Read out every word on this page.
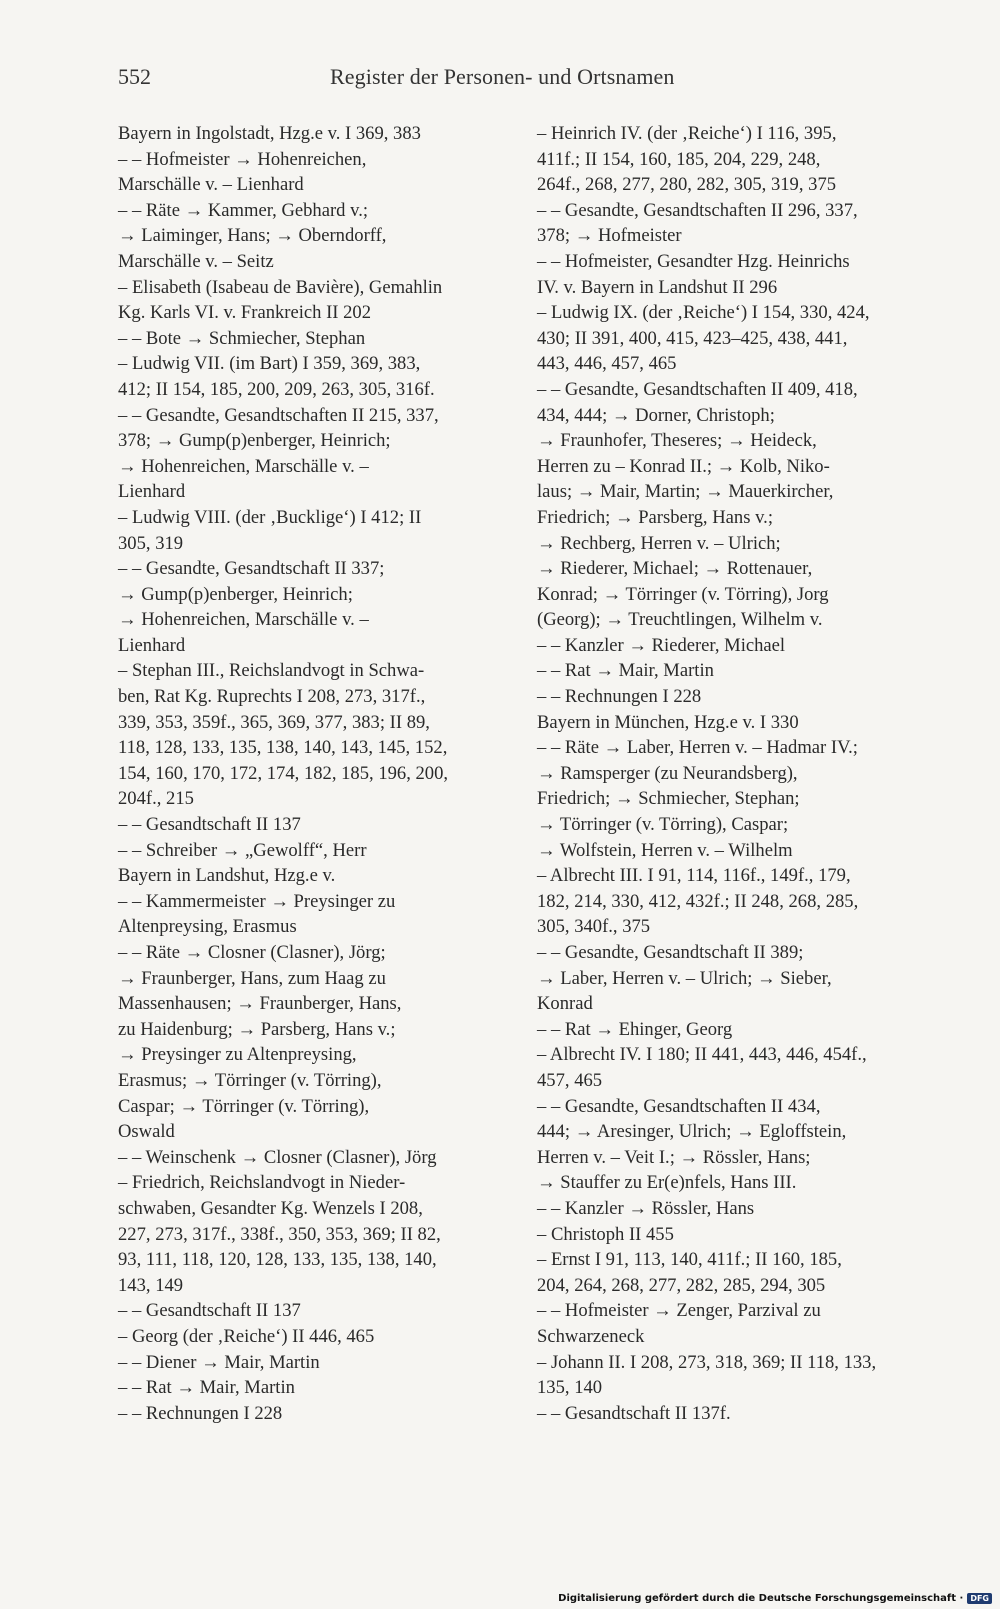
552	Register der Personen- und Ortsnamen
Bayern in Ingolstadt, Hzg.e v. I 369, 383
– – Hofmeister → Hohenreichen,
Marschälle v. – Lienhard
– – Räte → Kammer, Gebhard v.;
→ Laiminger, Hans; → Oberndorff,
Marschälle v. – Seitz
– Elisabeth (Isabeau de Bavière), Gemahlin
Kg. Karls VI. v. Frankreich II 202
– – Bote → Schmiecher, Stephan
– Ludwig VII. (im Bart) I 359, 369, 383,
412; II 154, 185, 200, 209, 263, 305, 316f.
– – Gesandte, Gesandtschaften II 215, 337,
378; → Gump(p)enberger, Heinrich;
→ Hohenreichen, Marschälle v. –
Lienhard
– Ludwig VIII. (der ‚Bucklige‘) I 412; II
305, 319
– – Gesandte, Gesandtschaft II 337;
→ Gump(p)enberger, Heinrich;
→ Hohenreichen, Marschälle v. –
Lienhard
– Stephan III., Reichslandvogt in Schwa-
ben, Rat Kg. Ruprechts I 208, 273, 317f.,
339, 353, 359f., 365, 369, 377, 383; II 89,
118, 128, 133, 135, 138, 140, 143, 145, 152,
154, 160, 170, 172, 174, 182, 185, 196, 200,
204f., 215
– – Gesandtschaft II 137
– – Schreiber → „Gewolff“, Herr
Bayern in Landshut, Hzg.e v.
– – Kammermeister → Preysinger zu
Altenpreysing, Erasmus
– – Räte → Closner (Clasner), Jörg;
→ Fraunberger, Hans, zum Haag zu
Massenhausen; → Fraunberger, Hans,
zu Haidenburg; → Parsberg, Hans v.;
→ Preysinger zu Altenpreysing,
Erasmus; → Törringer (v. Törring),
Caspar; → Törringer (v. Törring),
Oswald
– – Weinschenk → Closner (Clasner), Jörg
– Friedrich, Reichslandvogt in Nieder-
schwaben, Gesandter Kg. Wenzels I 208,
227, 273, 317f., 338f., 350, 353, 369; II 82,
93, 111, 118, 120, 128, 133, 135, 138, 140,
143, 149
– – Gesandtschaft II 137
– Georg (der ‚Reiche‘) II 446, 465
– – Diener → Mair, Martin
– – Rat → Mair, Martin
– – Rechnungen I 228
– Heinrich IV. (der ‚Reiche‘) I 116, 395,
411f.; II 154, 160, 185, 204, 229, 248,
264f., 268, 277, 280, 282, 305, 319, 375
– – Gesandte, Gesandtschaften II 296, 337,
378; → Hofmeister
– – Hofmeister, Gesandter Hzg. Heinrichs
IV. v. Bayern in Landshut II 296
– Ludwig IX. (der ‚Reiche‘) I 154, 330, 424,
430; II 391, 400, 415, 423–425, 438, 441,
443, 446, 457, 465
– – Gesandte, Gesandtschaften II 409, 418,
434, 444; → Dorner, Christoph;
→ Fraunhofer, Theseres; → Heideck,
Herren zu – Konrad II.; → Kolb, Niko-
laus; → Mair, Martin; → Mauerkircher,
Friedrich; → Parsberg, Hans v.;
→ Rechberg, Herren v. – Ulrich;
→ Riederer, Michael; → Rottenauer,
Konrad; → Törringer (v. Törring), Jorg
(Georg); → Treuchtlingen, Wilhelm v.
– – Kanzler → Riederer, Michael
– – Rat → Mair, Martin
– – Rechnungen I 228
Bayern in München, Hzg.e v. I 330
– – Räte → Laber, Herren v. – Hadmar IV.;
→ Ramsperger (zu Neurandsberg),
Friedrich; → Schmiecher, Stephan;
→ Törringer (v. Törring), Caspar;
→ Wolfstein, Herren v. – Wilhelm
– Albrecht III. I 91, 114, 116f., 149f., 179,
182, 214, 330, 412, 432f.; II 248, 268, 285,
305, 340f., 375
– – Gesandte, Gesandtschaft II 389;
→ Laber, Herren v. – Ulrich; → Sieber,
Konrad
– – Rat → Ehinger, Georg
– Albrecht IV. I 180; II 441, 443, 446, 454f.,
457, 465
– – Gesandte, Gesandtschaften II 434,
444; → Aresinger, Ulrich; → Egloffstein,
Herren v. – Veit I.; → Rössler, Hans;
→ Stauffer zu Er(e)nfels, Hans III.
– – Kanzler → Rössler, Hans
– Christoph II 455
– Ernst I 91, 113, 140, 411f.; II 160, 185,
204, 264, 268, 277, 282, 285, 294, 305
– – Hofmeister → Zenger, Parzival zu
Schwarzeneck
– Johann II. I 208, 273, 318, 369; II 118, 133,
135, 140
– – Gesandtschaft II 137f.
Digitalisierung gefördert durch die Deutsche Forschungsgemeinschaft · DFG
